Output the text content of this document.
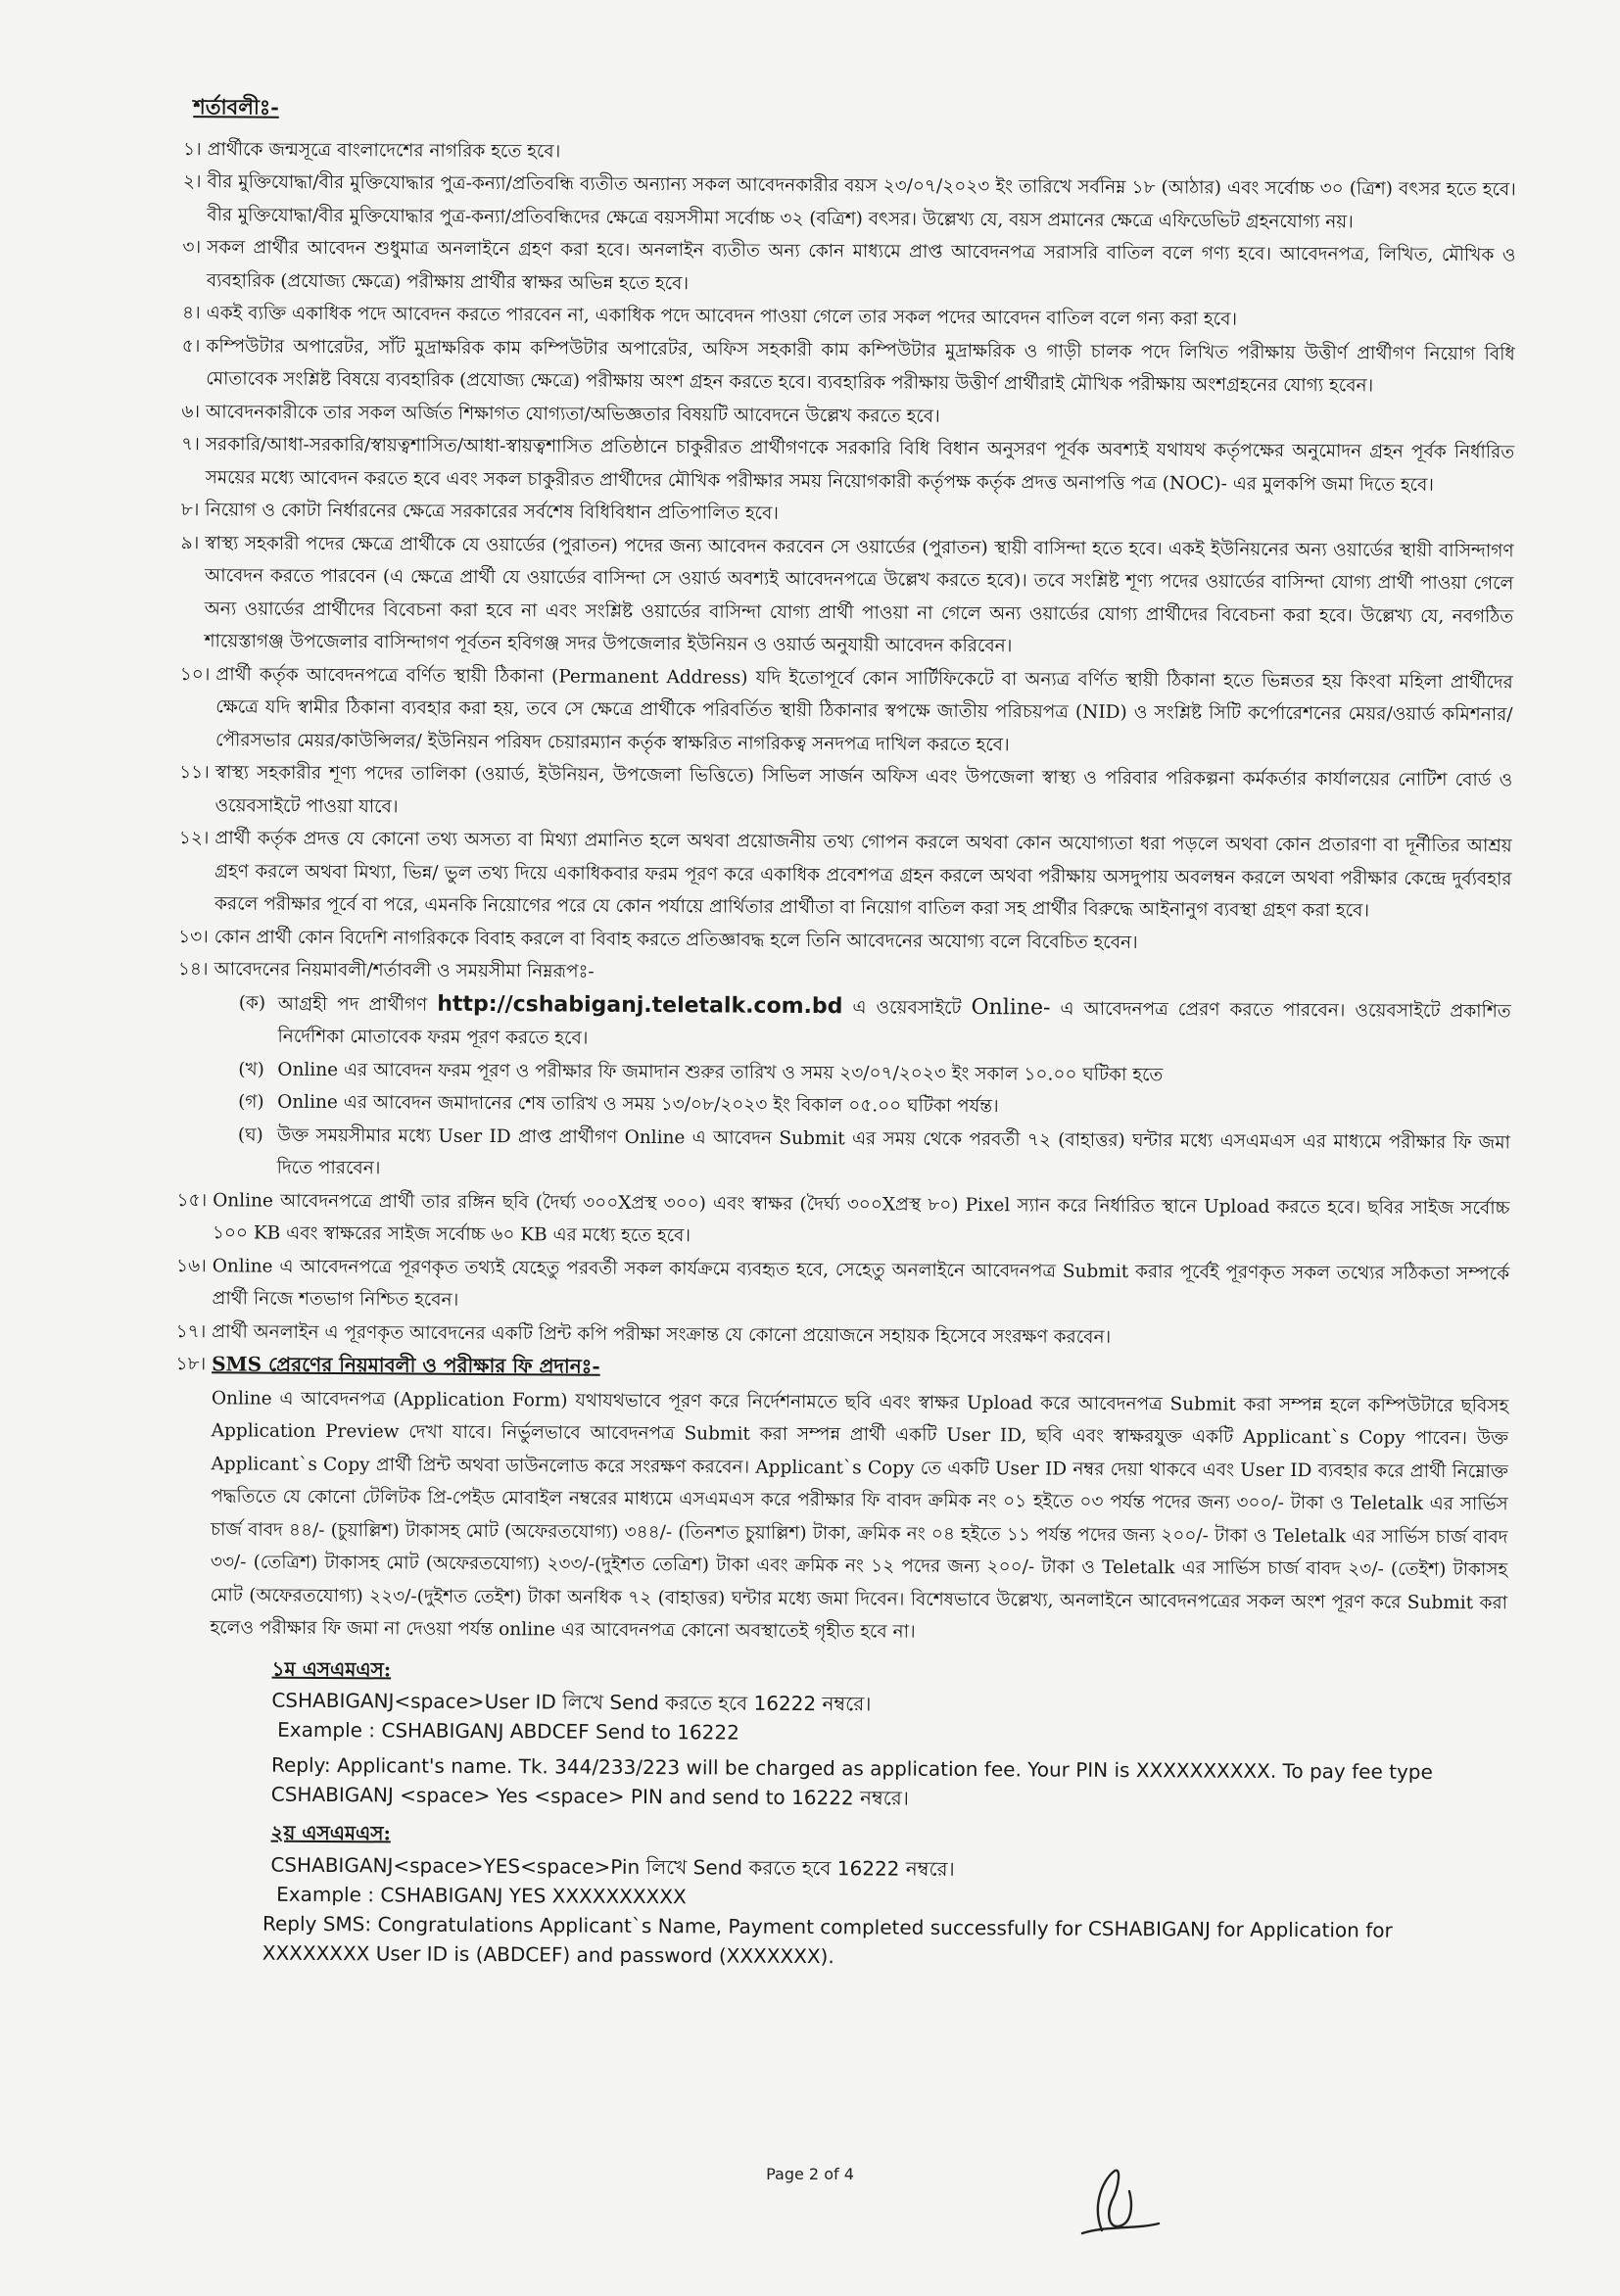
শর্তাবলীঃ-
১। প্রার্থীকে জন্মসূত্রে বাংলাদেশের নাগরিক হতে হবে।
২। বীর মুক্তিযোদ্ধা/বীর মুক্তিযোদ্ধার পুত্র-কন্যা/প্রতিবন্ধি ব্যতীত অন্যান্য সকল আবেদনকারীর বয়স ২৩/০৭/২০২৩ ইং তারিখে সর্বনিম্ন ১৮ (আঠার) এবং সর্বোচ্চ ৩০ (ত্রিশ) বৎসর হতে হবে। বীর মুক্তিযোদ্ধা/বীর মুক্তিযোদ্ধার পুত্র-কন্যা/প্রতিবন্ধিদের ক্ষেত্রে বয়সসীমা সর্বোচ্চ ৩২ (বত্রিশ) বৎসর। উল্লেখ্য যে, বয়স প্রমানের ক্ষেত্রে এফিডেভিট গ্রহনযোগ্য নয়।
৩। সকল প্রার্থীর আবেদন শুধুমাত্র অনলাইনে গ্রহণ করা হবে। অনলাইন ব্যতীত অন্য কোন মাধ্যমে প্রাপ্ত আবেদনপত্র সরাসরি বাতিল বলে গণ্য হবে। আবেদনপত্র, লিখিত, মৌখিক ও ব্যবহারিক (প্রযোজ্য ক্ষেত্রে) পরীক্ষায় প্রার্থীর স্বাক্ষর অভিন্ন হতে হবে।
৪। একই ব্যক্তি একাধিক পদে আবেদন করতে পারবেন না, একাধিক পদে আবেদন পাওয়া গেলে তার সকল পদের আবেদন বাতিল বলে গন্য করা হবে।
৫। কম্পিউটার অপারেটর, সাঁট মুদ্রাক্ষরিক কাম কম্পিউটার অপারেটর, অফিস সহকারী কাম কম্পিউটার মুদ্রাক্ষরিক ও গাড়ী চালক পদে লিখিত পরীক্ষায় উত্তীর্ণ প্রার্থীগণ নিয়োগ বিধি মোতাবেক সংশ্লিষ্ট বিষয়ে ব্যবহারিক (প্রযোজ্য ক্ষেত্রে) পরীক্ষায় অংশ গ্রহন করতে হবে। ব্যবহারিক পরীক্ষায় উত্তীর্ণ প্রার্থীরাই মৌখিক পরীক্ষায় অংশগ্রহনের যোগ্য হবেন।
৬। আবেদনকারীকে তার সকল অর্জিত শিক্ষাগত যোগ্যতা/অভিজ্ঞতার বিষয়টি আবেদনে উল্লেখ করতে হবে।
৭। সরকারি/আধা-সরকারি/স্বায়ত্বশাসিত/আধা-স্বায়ত্বশাসিত প্রতিষ্ঠানে চাকুরীরত প্রার্থীগণকে সরকারি বিধি বিধান অনুসরণ পূর্বক অবশ্যই যথাযথ কর্তৃপক্ষের অনুমোদন গ্রহন পূর্বক নির্ধারিত সময়ের মধ্যে আবেদন করতে হবে এবং সকল চাকুরীরত প্রার্থীদের মৌখিক পরীক্ষার সময় নিয়োগকারী কর্তৃপক্ষ কর্তৃক প্রদত্ত অনাপত্তি পত্র (NOC)- এর মুলকপি জমা দিতে হবে।
৮। নিয়োগ ও কোটা নির্ধারনের ক্ষেত্রে সরকারের সর্বশেষ বিধিবিধান প্রতিপালিত হবে।
৯। স্বাস্থ্য সহকারী পদের ক্ষেত্রে প্রার্থীকে যে ওয়ার্ডের (পুরাতন) পদের জন্য আবেদন করবেন সে ওয়ার্ডের (পুরাতন) স্থায়ী বাসিন্দা হতে হবে। একই ইউনিয়নের অন্য ওয়ার্ডের স্থায়ী বাসিন্দাগণ আবেদন করতে পারবেন (এ ক্ষেত্রে প্রার্থী যে ওয়ার্ডের বাসিন্দা সে ওয়ার্ড অবশ্যই আবেদনপত্রে উল্লেখ করতে হবে)। তবে সংশ্লিষ্ট শূণ্য পদের ওয়ার্ডের বাসিন্দা যোগ্য প্রার্থী পাওয়া গেলে অন্য ওয়ার্ডের প্রার্থীদের বিবেচনা করা হবে না এবং সংশ্লিষ্ট ওয়ার্ডের বাসিন্দা যোগ্য প্রার্থী পাওয়া না গেলে অন্য ওয়ার্ডের যোগ্য প্রার্থীদের বিবেচনা করা হবে। উল্লেখ্য যে, নবগঠিত শায়েস্তাগঞ্জ উপজেলার বাসিন্দাগণ পূর্বতন হবিগঞ্জ সদর উপজেলার ইউনিয়ন ও ওয়ার্ড অনুযায়ী আবেদন করিবেন।
১০। প্রার্থী কর্তৃক আবেদনপত্রে বর্ণিত স্থায়ী ঠিকানা (Permanent Address) যদি ইতোপূর্বে কোন সার্টিফিকেটে বা অন্যত্র বর্ণিত স্থায়ী ঠিকানা হতে ভিন্নতর হয় কিংবা মহিলা প্রার্থীদের ক্ষেত্রে যদি স্বামীর ঠিকানা ব্যবহার করা হয়, তবে সে ক্ষেত্রে প্রার্থীকে পরিবর্তিত স্থায়ী ঠিকানার স্বপক্ষে জাতীয় পরিচয়পত্র (NID) ও সংশ্লিষ্ট সিটি কর্পোরেশনের মেয়র/ওয়ার্ড কমিশনার/পৌরসভার মেয়র/কাউন্সিলর/ ইউনিয়ন পরিষদ চেয়ারম্যান কর্তৃক স্বাক্ষরিত নাগরিকত্ব সনদপত্র দাখিল করতে হবে।
১১। স্বাস্থ্য সহকারীর শূণ্য পদের তালিকা (ওয়ার্ড, ইউনিয়ন, উপজেলা ভিত্তিতে) সিভিল সার্জন অফিস এবং উপজেলা স্বাস্থ্য ও পরিবার পরিকল্পনা কর্মকর্তার কার্যালয়ের নোটিশ বোর্ড ও ওয়েবসাইটে পাওয়া যাবে।
১২। প্রার্থী কর্তৃক প্রদত্ত যে কোনো তথ্য অসত্য বা মিথ্যা প্রমানিত হলে অথবা প্রয়োজনীয় তথ্য গোপন করলে অথবা কোন অযোগ্যতা ধরা পড়লে অথবা কোন প্রতারণা বা দূর্নীতির আশ্রয় গ্রহণ করলে অথবা মিথ্যা, ভিন্ন/ ভুল তথ্য দিয়ে একাধিকবার ফরম পূরণ করে একাধিক প্রবেশপত্র গ্রহন করলে অথবা পরীক্ষায় অসদুপায় অবলম্বন করলে অথবা পরীক্ষার কেন্দ্রে দুর্ব্যবহার করলে পরীক্ষার পূর্বে বা পরে, এমনকি নিয়োগের পরে যে কোন পর্যায়ে প্রার্থিতার প্রার্থীতা বা নিয়োগ বাতিল করা সহ প্রার্থীর বিরুদ্ধে আইনানুগ ব্যবস্থা গ্রহণ করা হবে।
১৩। কোন প্রার্থী কোন বিদেশি নাগরিককে বিবাহ করলে বা বিবাহ করতে প্রতিজ্ঞাবদ্ধ হলে তিনি আবেদনের অযোগ্য বলে বিবেচিত হবেন।
১৪। আবেদনের নিয়মাবলী/শর্তাবলী ও সময়সীমা নিম্নরূপঃ-
(ক) আগ্রহী পদ প্রার্থীগণ http://cshabiganj.teletalk.com.bd এ ওয়েবসাইটে Online- এ আবেদনপত্র প্রেরণ করতে পারবেন। ওয়েবসাইটে প্রকাশিত নির্দেশিকা মোতাবেক ফরম পূরণ করতে হবে।
(খ) Online এর আবেদন ফরম পূরণ ও পরীক্ষার ফি জমাদান শুরুর তারিখ ও সময় ২৩/০৭/২০২৩ ইং সকাল ১০.০০ ঘটিকা হতে
(গ) Online এর আবেদন জমাদানের শেষ তারিখ ও সময় ১৩/০৮/২০২৩ ইং বিকাল ০৫.০০ ঘটিকা পর্যন্ত।
(ঘ) উক্ত সময়সীমার মধ্যে User ID প্রাপ্ত প্রার্থীগণ Online এ আবেদন Submit এর সময় থেকে পরবর্তী ৭২ (বাহাত্তর) ঘন্টার মধ্যে এসএমএস এর মাধ্যমে পরীক্ষার ফি জমা দিতে পারবেন।
১৫। Online আবেদনপত্রে প্রার্থী তার রঙ্গিন ছবি (দৈর্ঘ্য ৩০০Xপ্রস্থ ৩০০) এবং স্বাক্ষর (দৈর্ঘ্য ৩০০Xপ্রস্থ ৮০) Pixel স্যান করে নির্ধারিত স্থানে Upload করতে হবে। ছবির সাইজ সর্বোচ্চ ১০০ KB এবং স্বাক্ষরের সাইজ সর্বোচ্চ ৬০ KB এর মধ্যে হতে হবে।
১৬। Online এ আবেদনপত্রে পূরণকৃত তথ্যই যেহেতু পরবর্তী সকল কার্যক্রমে ব্যবহৃত হবে, সেহেতু অনলাইনে আবেদনপত্র Submit করার পূর্বেই পূরণকৃত সকল তথ্যের সঠিকতা সম্পর্কে প্রার্থী নিজে শতভাগ নিশ্চিত হবেন।
১৭। প্রার্থী অনলাইন এ পূরণকৃত আবেদনের একটি প্রিন্ট কপি পরীক্ষা সংক্রান্ত যে কোনো প্রয়োজনে সহায়ক হিসেবে সংরক্ষণ করবেন।
১৮। SMS প্রেরণের নিয়মাবলী ও পরীক্ষার ফি প্রদানঃ-
Online এ আবেদনপত্র (Application Form) যথাযথভাবে পূরণ করে নির্দেশনামতে ছবি এবং স্বাক্ষর Upload করে আবেদনপত্র Submit করা সম্পন্ন হলে কম্পিউটারে ছবিসহ Application Preview দেখা যাবে। নির্ভুলভাবে আবেদনপত্র Submit করা সম্পন্ন প্রার্থী একটি User ID, ছবি এবং স্বাক্ষরযুক্ত একটি Applicant`s Copy পাবেন। উক্ত Applicant`s Copy প্রার্থী প্রিন্ট অথবা ডাউনলোড করে সংরক্ষণ করবেন। Applicant`s Copy তে একটি User ID নম্বর দেয়া থাকবে এবং User ID ব্যবহার করে প্রার্থী নিম্নোক্ত পদ্ধতিতে যে কোনো টেলিটক প্রি-পেইড মোবাইল নম্বরের মাধ্যমে এসএমএস করে পরীক্ষার ফি বাবদ ক্রমিক নং ০১ হইতে ০৩ পর্যন্ত পদের জন্য ৩০০/- টাকা ও Teletalk এর সার্ভিস চার্জ বাবদ ৪৪/- (চুয়াল্লিশ) টাকাসহ মোট (অফেরতযোগ্য) ৩৪৪/- (তিনশত চুয়াল্লিশ) টাকা, ক্রমিক নং ০৪ হইতে ১১ পর্যন্ত পদের জন্য ২০০/- টাকা ও Teletalk এর সার্ভিস চার্জ বাবদ ৩৩/- (তেত্রিশ) টাকাসহ মোট (অফেরতযোগ্য) ২৩৩/-(দুইশত তেত্রিশ) টাকা এবং ক্রমিক নং ১২ পদের জন্য ২০০/- টাকা ও Teletalk এর সার্ভিস চার্জ বাবদ ২৩/- (তেইশ) টাকাসহ মোট (অফেরতযোগ্য) ২২৩/-(দুইশত তেইশ) টাকা অনধিক ৭২ (বাহাত্তর) ঘন্টার মধ্যে জমা দিবেন। বিশেষভাবে উল্লেখ্য, অনলাইনে আবেদনপত্রের সকল অংশ পূরণ করে Submit করা হলেও পরীক্ষার ফি জমা না দেওয়া পর্যন্ত online এর আবেদনপত্র কোনো অবস্থাতেই গৃহীত হবে না।
১ম এসএমএস:
CSHABIGANJ<space>User ID লিখে Send করতে হবে 16222 নম্বরে।
Example : CSHABIGANJ ABDCEF Send to 16222
Reply: Applicant's name. Tk. 344/233/223 will be charged as application fee. Your PIN is XXXXXXXXXX. To pay fee type CSHABIGANJ <space> Yes <space> PIN and send to 16222 নম্বরে।
২য় এসএমএস:
CSHABIGANJ<space>YES<space>Pin লিখে Send করতে হবে 16222 নম্বরে।
Example : CSHABIGANJ YES XXXXXXXXXX
Reply SMS: Congratulations Applicant`s Name, Payment completed successfully for CSHABIGANJ for Application for XXXXXXXX User ID is (ABDCEF) and password (XXXXXXX).
Page 2 of 4
